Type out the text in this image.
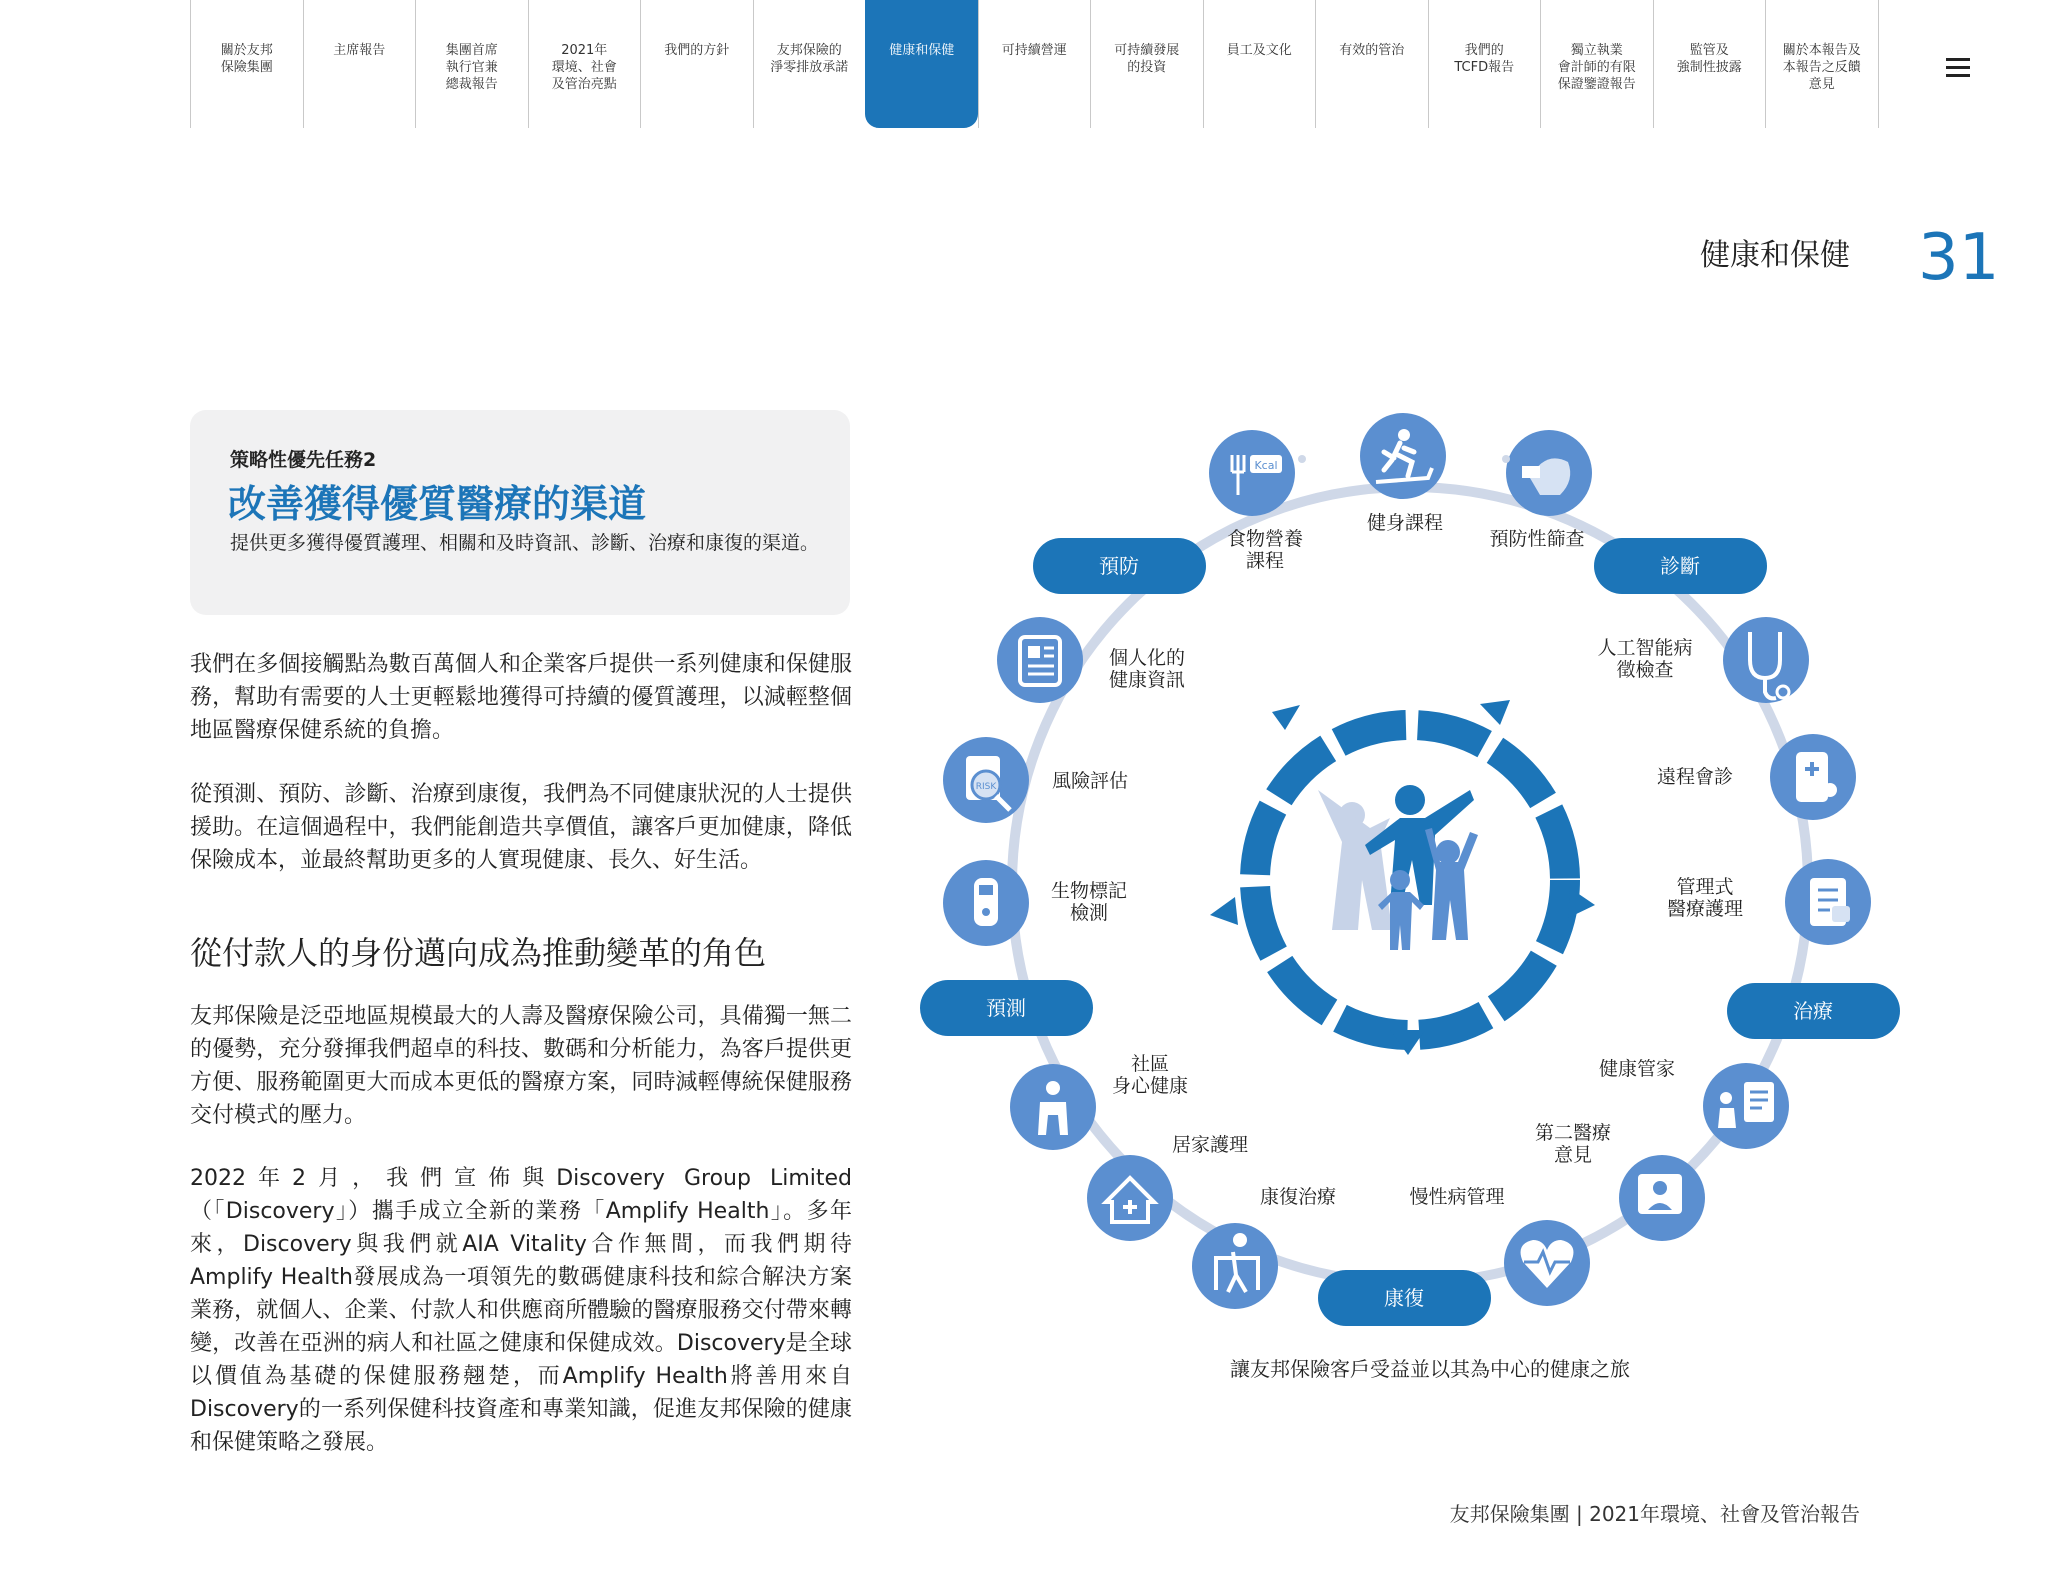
關於友邦
保險集團
主席報告	集團首席
執行官兼
總裁報告
2021年
環境、社會
及管治亮點
我們的方針	友邦保險的
淨零排放承諾
健康和保健	可持續營運	可持續發展
的投資
員工及文化	有效的管治	我們的
TCFD報告
獨立執業
會計師的有限
保證鑒證報告
監管及
強制性披露
關於本報告及
本報告之反饋
意見
健康和保健 31
策略性優先任務2
改善獲得優質醫療的渠道
提供更多獲得優質護理、相關和及時資訊、診斷、治療和康復的渠道。
我們在多個接觸點為數百萬個人和企業客戶提供一系列健康和保健服務，幫助有需要的人士更輕鬆地獲得可持續的優質護理，以減輕整個地區醫療保健系統的負擔。
從預測、預防、診斷、治療到康復，我們為不同健康狀況的人士提供援助。在這個過程中，我們能創造共享價值，讓客戶更加健康，降低保險成本，並最終幫助更多的人實現健康、長久、好生活。
從付款人的身份邁向成為推動變革的角色
友邦保險是泛亞地區規模最大的人壽及醫療保險公司，具備獨一無二的優勢，充分發揮我們超卓的科技、數碼和分析能力，為客戶提供更方便、服務範圍更大而成本更低的醫療方案，同時減輕傳統保健服務交付模式的壓力。
2022年2月，我們宣佈與Discovery Group Limited（「Discovery」）攜手成立全新的業務「Amplify Health」。多年來，Discovery與我們就AIA Vitality合作無間，而我們期待Amplify Health發展成為一項領先的數碼健康科技和綜合解決方案業務，就個人、企業、付款人和供應商所體驗的醫療服務交付帶來轉變，改善在亞洲的病人和社區之健康和保健成效。Discovery是全球以價值為基礎的保健服務翹楚，而Amplify Health將善用來自Discovery的一系列保健科技資產和專業知識，促進友邦保險的健康和保健策略之發展。
預防	診斷
預測	治療
康復
Kcal
RISK
食物營養
課程
健身課程
預防性篩查
個人化的
健康資訊
人工智能病
徵檢查
風險評估	遠程會診
生物標記
檢測
管理式
醫療護理
社區
身心健康
健康管家
居家護理
第二醫療
意見
康復治療	慢性病管理
讓友邦保險客戶受益並以其為中心的健康之旅
友邦保險集團 | 2021年環境、社會及管治報告
